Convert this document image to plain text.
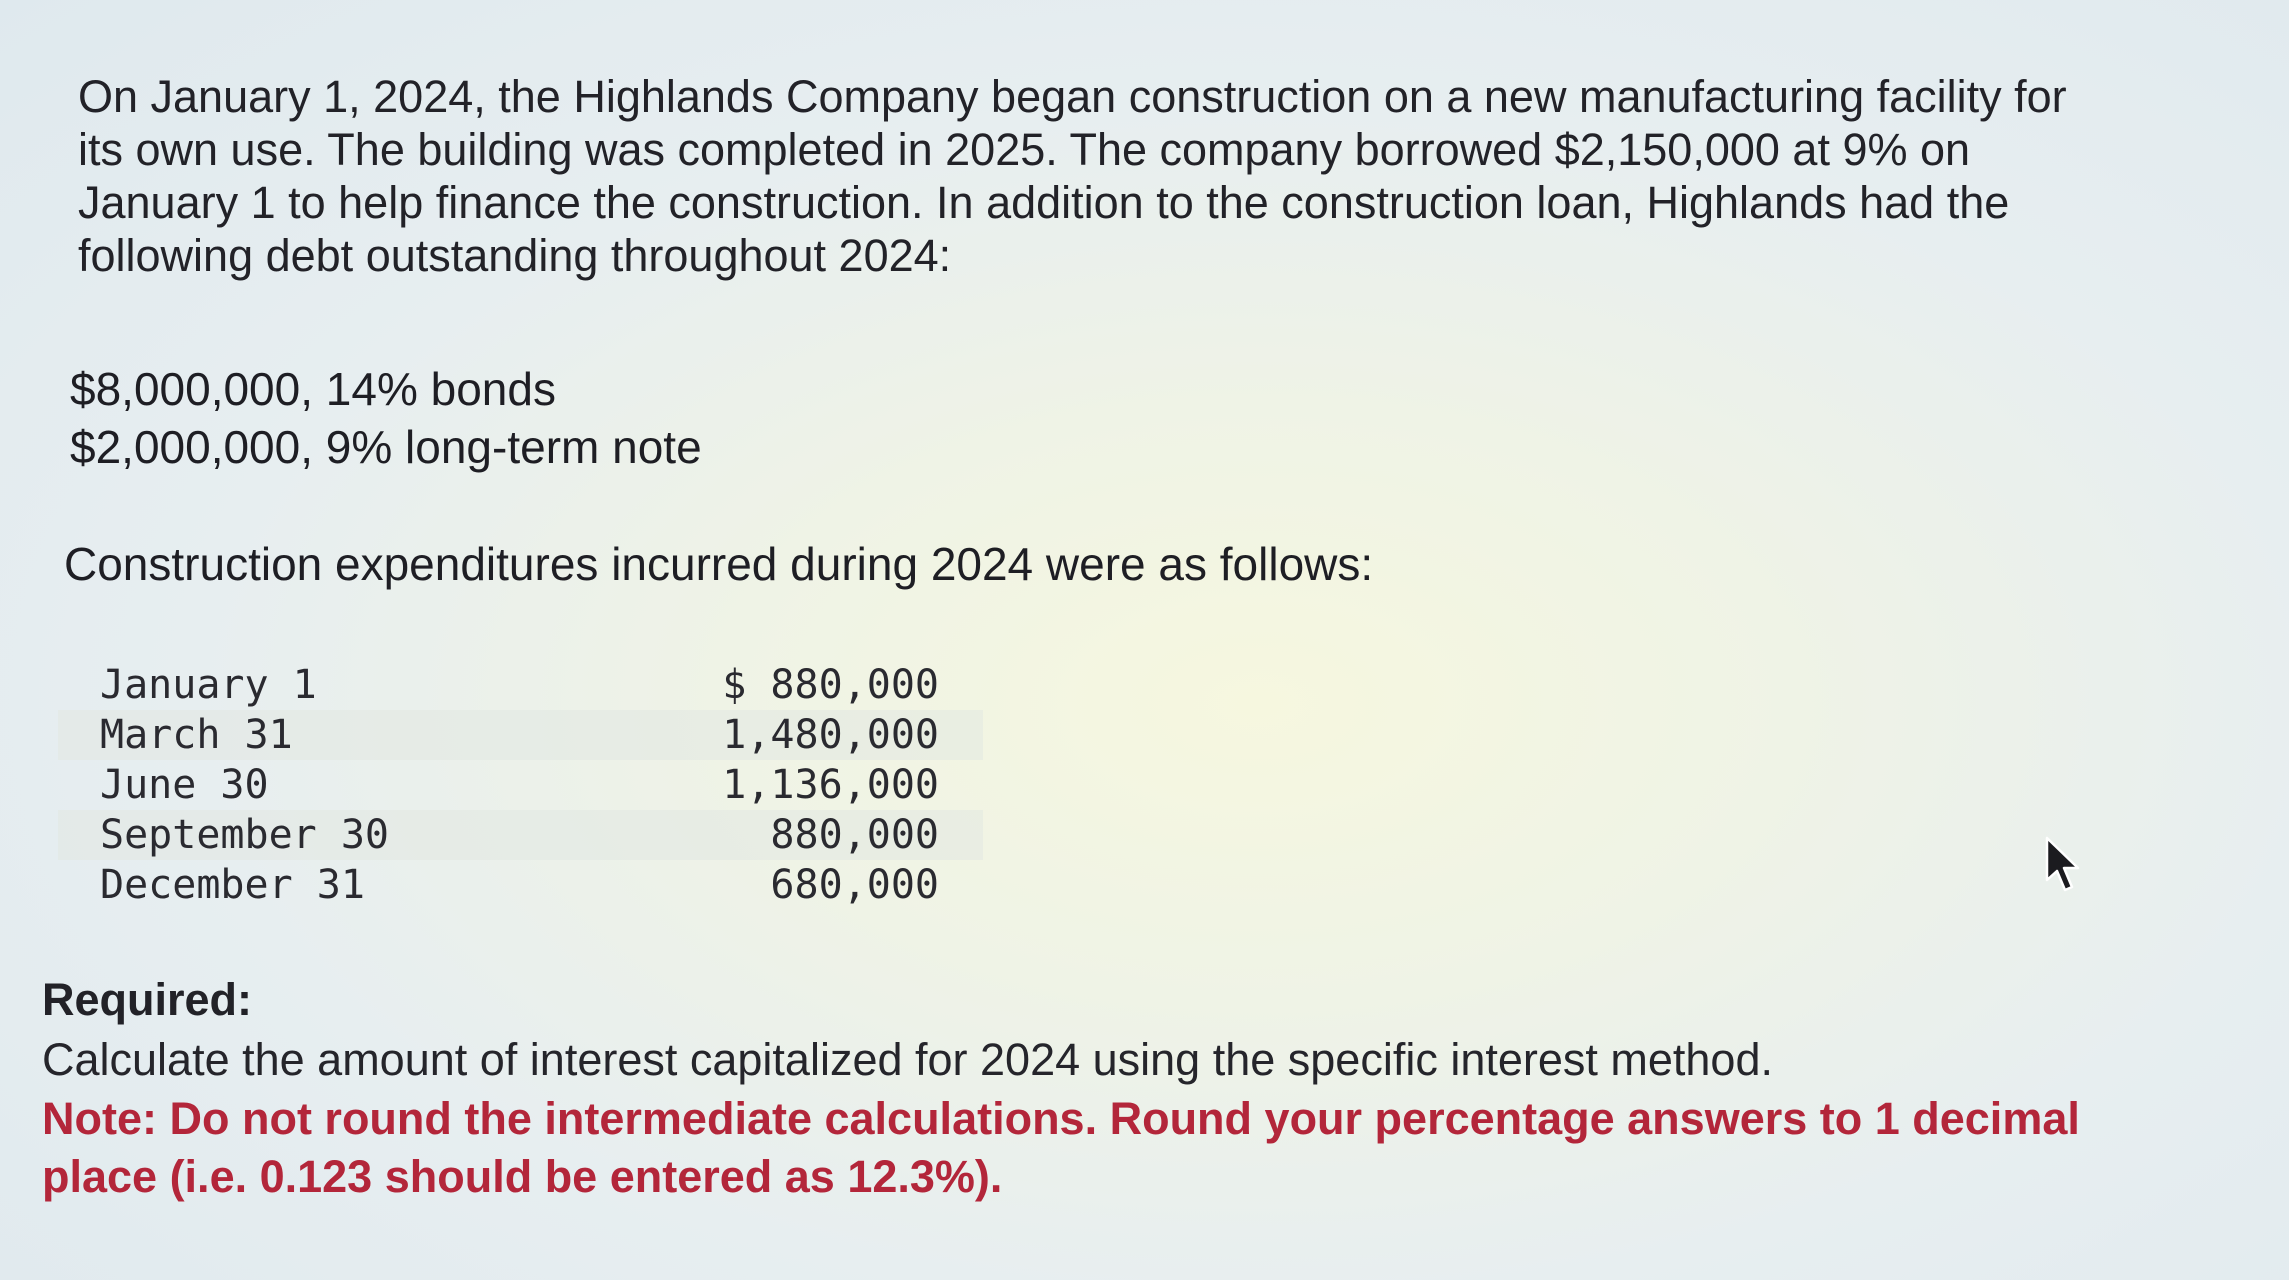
On January 1, 2024, the Highlands Company began construction on a new manufacturing facility for its own use. The building was completed in 2025. The company borrowed $2,150,000 at 9% on January 1 to help finance the construction. In addition to the construction loan, Highlands had the following debt outstanding throughout 2024:

$8,000,000, 14% bonds
$2,000,000, 9% long-term note
Construction expenditures incurred during 2024 were as follows:
January 1	$ 880,000
March 31	1,480,000
June 30	1,136,000
September 30	880,000
December 31	680,000

Required:

Calculate the amount of interest capitalized for 2024 using the specific interest method.

Note: Do not round the intermediate calculations. Round your percentage answers to 1 decimal place (i.e. 0.123 should be entered as 12.3%).
